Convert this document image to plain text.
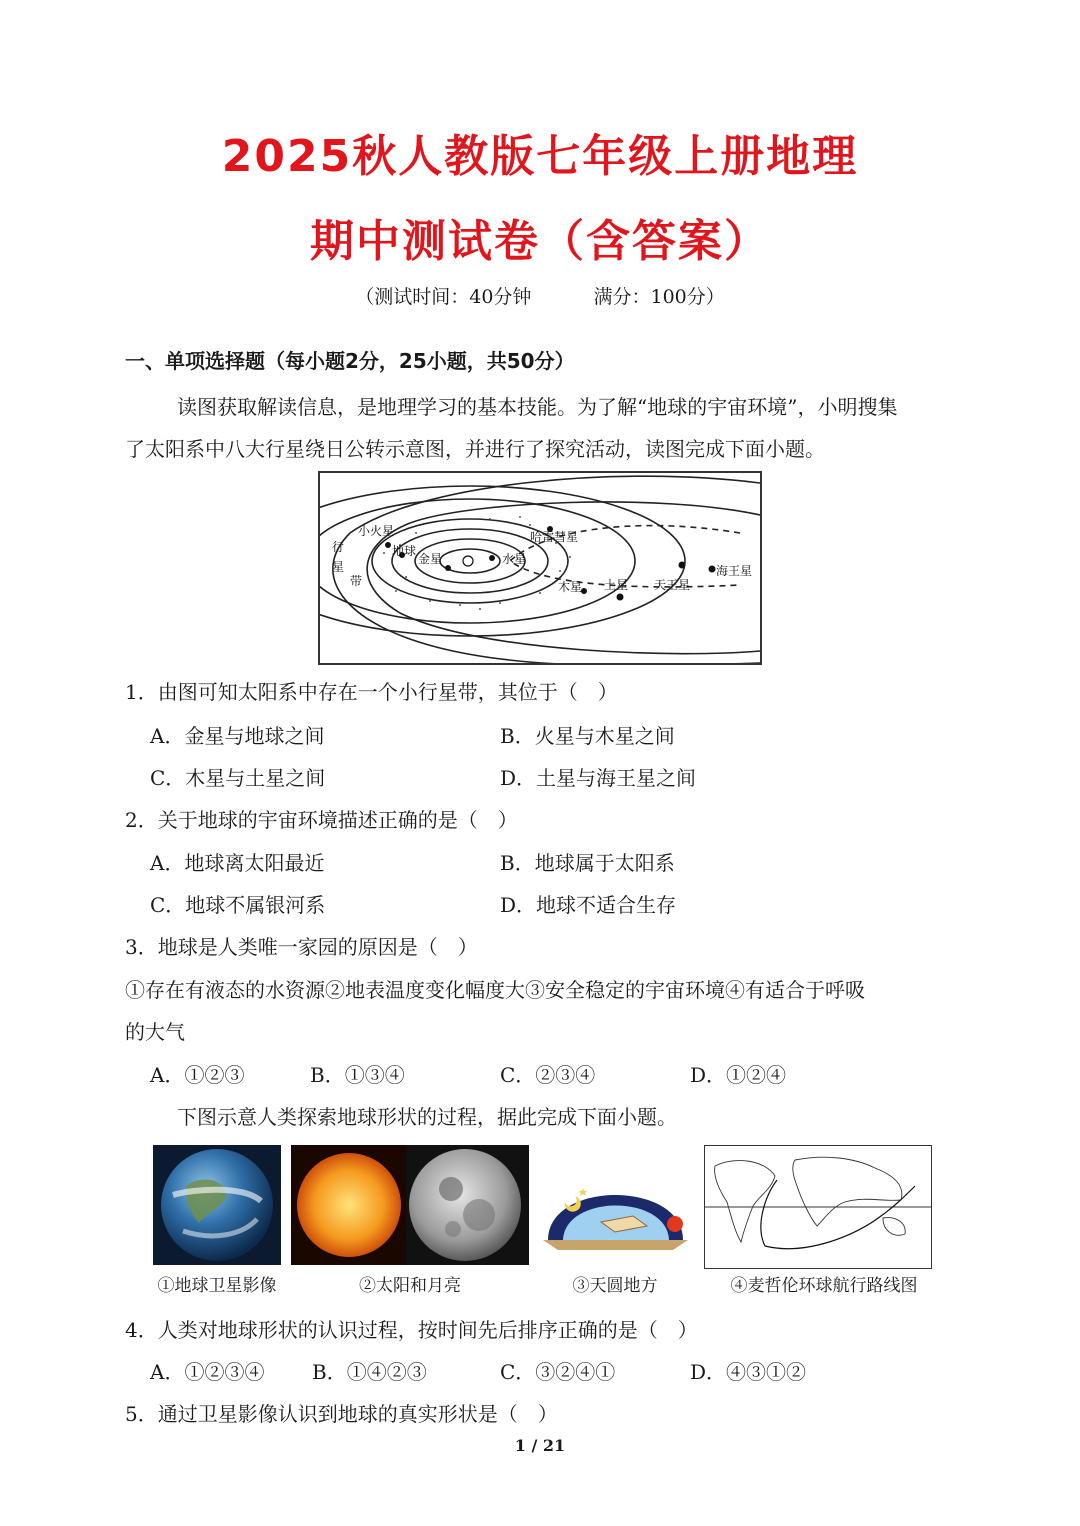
2025秋人教版七年级上册地理
期中测试卷（含答案）
（测试时间：40分钟	满分：100分）
一、单项选择题（每小题2分，25小题，共50分）
读图获取解读信息，是地理学习的基本技能。为了解“地球的宇宙环境”，小明搜集
了太阳系中八大行星绕日公转示意图，并进行了探究活动，读图完成下面小题。
行
星
带
小火星
地球
金星	水星
哈雷彗星
木星 土星 天王星
海王星
1．由图可知太阳系中存在一个小行星带，其位于（　）
A．金星与地球之间	B．火星与木星之间
C．木星与土星之间	D．土星与海王星之间
2．关于地球的宇宙环境描述正确的是（　）
A．地球离太阳最近	B．地球属于太阳系
C．地球不属银河系	D．地球不适合生存
3．地球是人类唯一家园的原因是（　）
①存在有液态的水资源②地表温度变化幅度大③安全稳定的宇宙环境④有适合于呼吸
的大气
A．①②③	B．①③④	C．②③④	D．①②④
下图示意人类探索地球形状的过程，据此完成下面小题。
①地球卫星影像	②太阳和月亮	③天圆地方	④麦哲伦环球航行路线图
4．人类对地球形状的认识过程，按时间先后排序正确的是（　）
A．①②③④ B．①④②③	C．③②④①	D．④③①②
5．通过卫星影像认识到地球的真实形状是（　）
1 / 21
